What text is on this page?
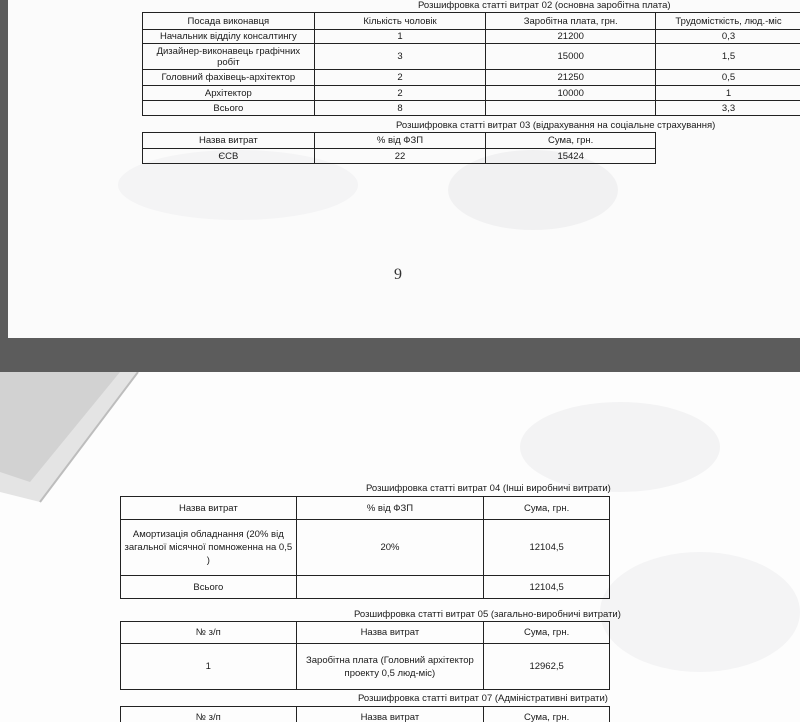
Розшифровка статті витрат 02 (основна заробітна плата)
Посада виконавця	Кількість чоловік	Заробітна плата, грн.	Трудомісткість, люд.-міс
Начальник відділу консалтингу	1	21200	0,3
Дизайнер-виконавець графічних робіт	3	15000	1,5
Головний фахівець-архітектор	2	21250	0,5
Архітектор	2	10000	1
Всього	8		3,3
Розшифровка статті витрат 03 (відрахування на соціальне страхування)
Назва витрат	% від ФЗП	Сума, грн.
ЄСВ	22	15424
9
Розшифровка статті витрат 04 (Інші виробничі витрати)
Назва витрат	% від ФЗП	Сума, грн.
Амортизація обладнання (20% від загальної місячної помноженна на 0,5 )	20%	12104,5
Всього		12104,5
Розшифровка статті витрат 05 (загально-виробничі витрати)
№ з/п	Назва витрат	Сума, грн.
1	Заробітна плата (Головний архітектор проекту 0,5 люд-міс)	12962,5
Розшифровка статті витрат 07 (Адміністративні витрати)
№ з/п	Назва витрат	Сума, грн.
